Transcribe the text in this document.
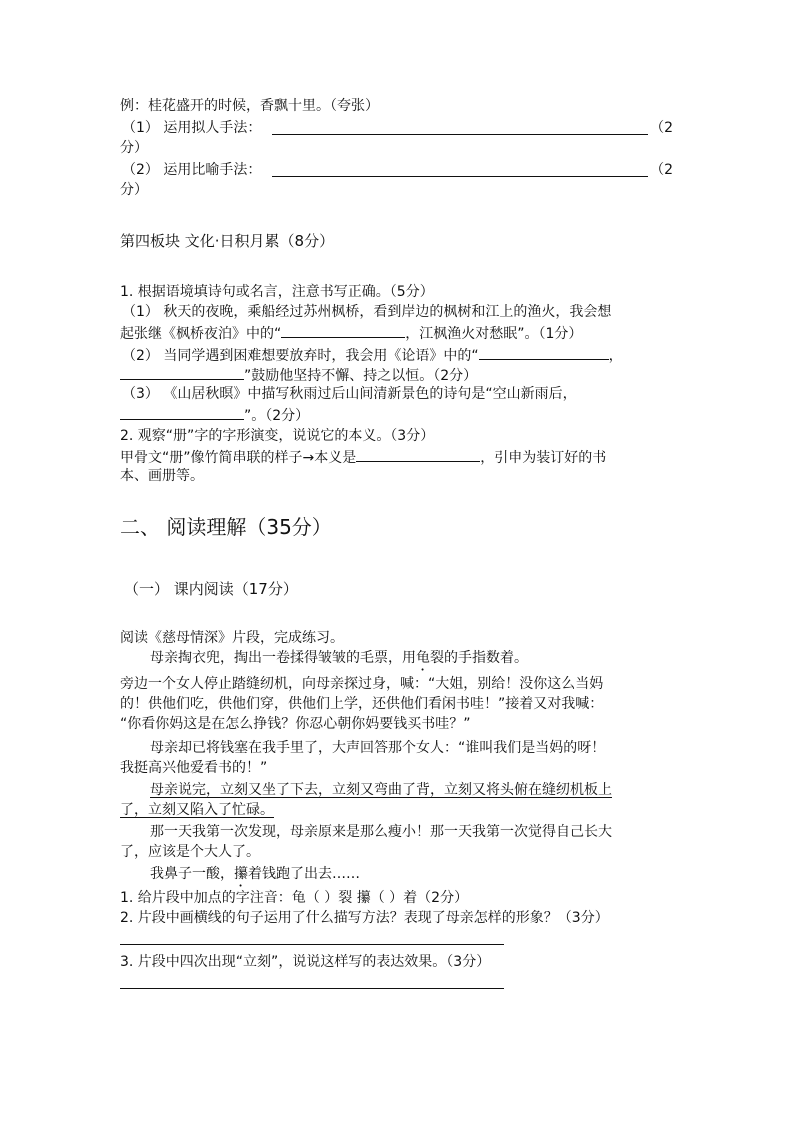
例：桂花盛开的时候，香飘十里。（夸张）
（1） 运用拟人手法：	（2
分）
（2） 运用比喻手法：	（2
分）
第四板块 文化·日积月累（8分）
1. 根据语境填诗句或名言，注意书写正确。（5分）
（1） 秋天的夜晚，乘船经过苏州枫桥，看到岸边的枫树和江上的渔火，我会想
起张继《枫桥夜泊》中的“	，江枫渔火对愁眠”。（1分）
（2） 当同学遇到困难想要放弃时，我会用《论语》中的“	，
”鼓励他坚持不懈、持之以恒。（2分）
（3） 《山居秋暝》中描写秋雨过后山间清新景色的诗句是“空山新雨后，
”。（2分）
2. 观察“册”字的字形演变，说说它的本义。（3分）
甲骨文“册”像竹简串联的样子→本义是	，引申为装订好的书
本、画册等。
二、 阅读理解（35分）
（一） 课内阅读（17分）
阅读《慈母情深》片段，完成练习。
母亲掏衣兜，掏出一卷揉得皱皱的毛票，用龟裂的手指数着。
旁边一个女人停止踏缝纫机，向母亲探过身，喊：“大姐，别给！没你这么当妈
的！供他们吃，供他们穿，供他们上学，还供他们看闲书哇！”接着又对我喊：
“你看你妈这是在怎么挣钱？你忍心朝你妈要钱买书哇？”
母亲却已将钱塞在我手里了，大声回答那个女人：“谁叫我们是当妈的呀！
我挺高兴他爱看书的！”
母亲说完，立刻又坐了下去，立刻又弯曲了背，立刻又将头俯在缝纫机板上
了，立刻又陷入了忙碌。
那一天我第一次发现，母亲原来是那么瘦小！那一天我第一次觉得自己长大
了，应该是个大人了。
我鼻子一酸，攥着钱跑了出去……
1. 给片段中加点的字注音：龟（ ）裂 攥（ ）着（2分）
2. 片段中画横线的句子运用了什么描写方法？表现了母亲怎样的形象？（3分）
3. 片段中四次出现“立刻”，说说这样写的表达效果。（3分）
